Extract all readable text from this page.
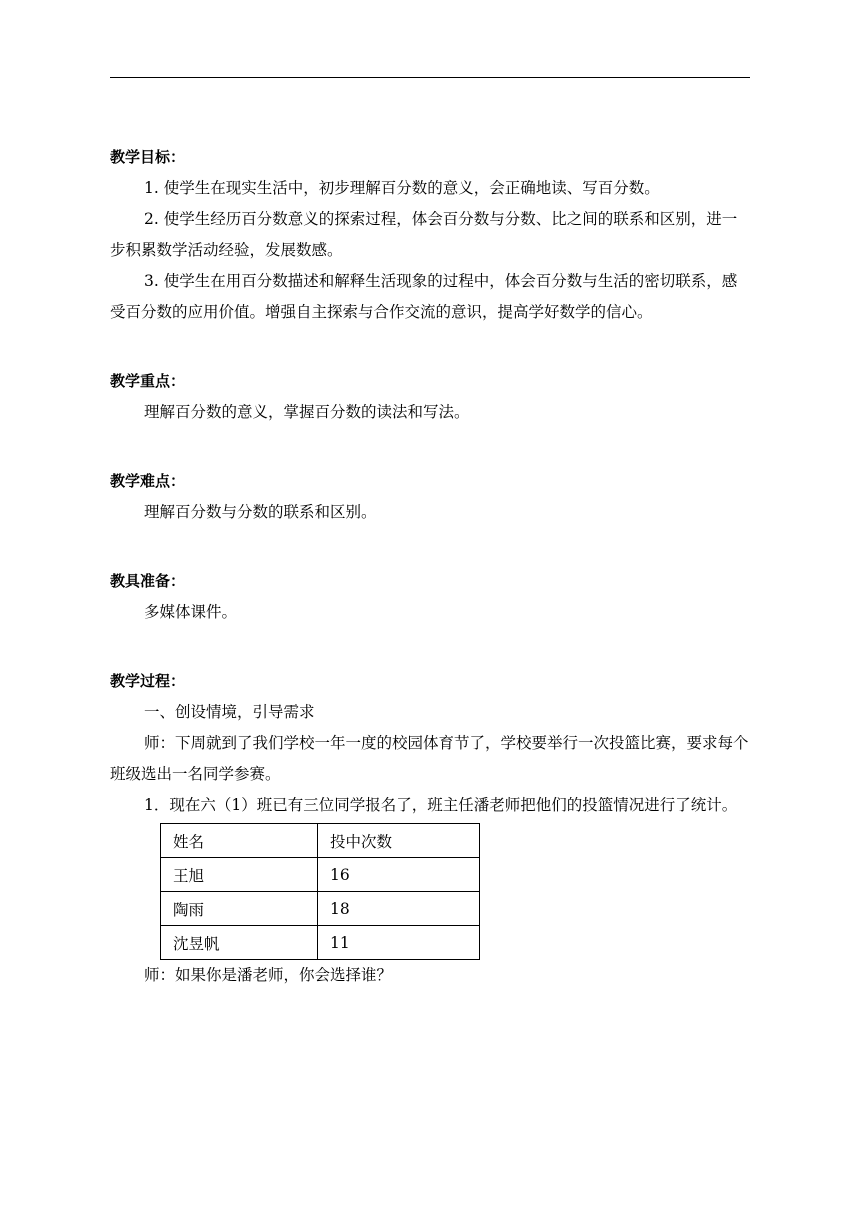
教学目标：

1. 使学生在现实生活中，初步理解百分数的意义，会正确地读、写百分数。

2. 使学生经历百分数意义的探索过程，体会百分数与分数、比之间的联系和区别，进一步积累数学活动经验，发展数感。

3. 使学生在用百分数描述和解释生活现象的过程中，体会百分数与生活的密切联系，感受百分数的应用价值。增强自主探索与合作交流的意识，提高学好数学的信心。

教学重点：

理解百分数的意义，掌握百分数的读法和写法。

教学难点：

理解百分数与分数的联系和区别。

教具准备：

多媒体课件。

教学过程：

一、创设情境，引导需求

师：下周就到了我们学校一年一度的校园体育节了，学校要举行一次投篮比赛，要求每个班级选出一名同学参赛。

1．现在六（1）班已有三位同学报名了，班主任潘老师把他们的投篮情况进行了统计。

姓名	投中次数
王旭	16
陶雨	18
沈昱帆	11

师：如果你是潘老师，你会选择谁？
